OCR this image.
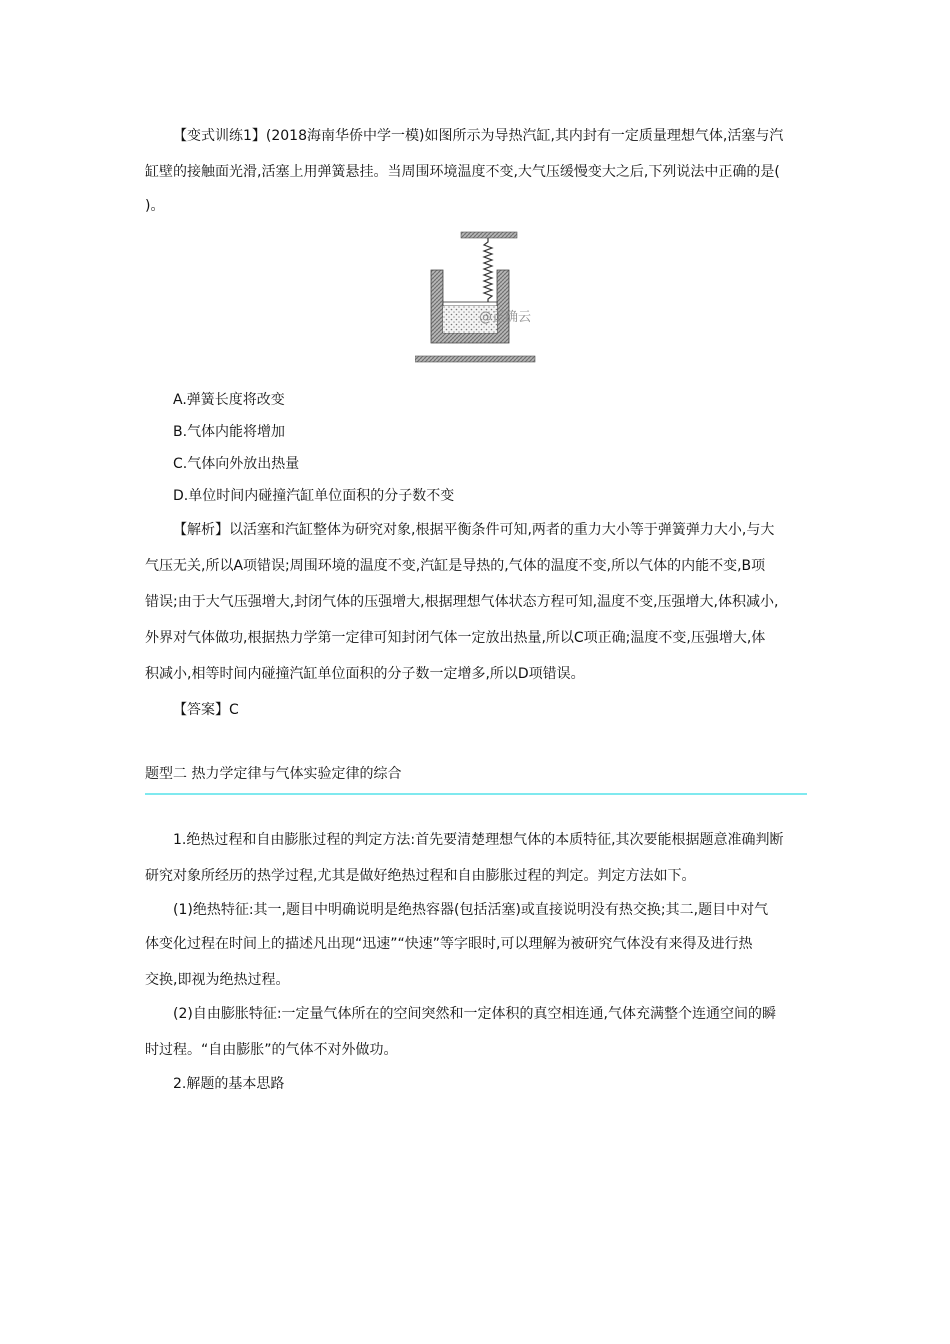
【变式训练1】(2018海南华侨中学一模)如图所示为导热汽缸,其内封有一定质量理想气体,活塞与汽
缸壁的接触面光滑,活塞上用弹簧悬挂。当周围环境温度不变,大气压缓慢变大之后,下列说法中正确的是(
)。
@正确云
A.弹簧长度将改变
B.气体内能将增加
C.气体向外放出热量
D.单位时间内碰撞汽缸单位面积的分子数不变
【解析】以活塞和汽缸整体为研究对象,根据平衡条件可知,两者的重力大小等于弹簧弹力大小,与大
气压无关,所以A项错误;周围环境的温度不变,汽缸是导热的,气体的温度不变,所以气体的内能不变,B项
错误;由于大气压强增大,封闭气体的压强增大,根据理想气体状态方程可知,温度不变,压强增大,体积减小,
外界对气体做功,根据热力学第一定律可知封闭气体一定放出热量,所以C项正确;温度不变,压强增大,体
积减小,相等时间内碰撞汽缸单位面积的分子数一定增多,所以D项错误。
【答案】C
题型二 热力学定律与气体实验定律的综合
1.绝热过程和自由膨胀过程的判定方法:首先要清楚理想气体的本质特征,其次要能根据题意准确判断
研究对象所经历的热学过程,尤其是做好绝热过程和自由膨胀过程的判定。判定方法如下。
(1)绝热特征:其一,题目中明确说明是绝热容器(包括活塞)或直接说明没有热交换;其二,题目中对气
体变化过程在时间上的描述凡出现“迅速”“快速”等字眼时,可以理解为被研究气体没有来得及进行热
交换,即视为绝热过程。
(2)自由膨胀特征:一定量气体所在的空间突然和一定体积的真空相连通,气体充满整个连通空间的瞬
时过程。“自由膨胀”的气体不对外做功。
2.解题的基本思路
